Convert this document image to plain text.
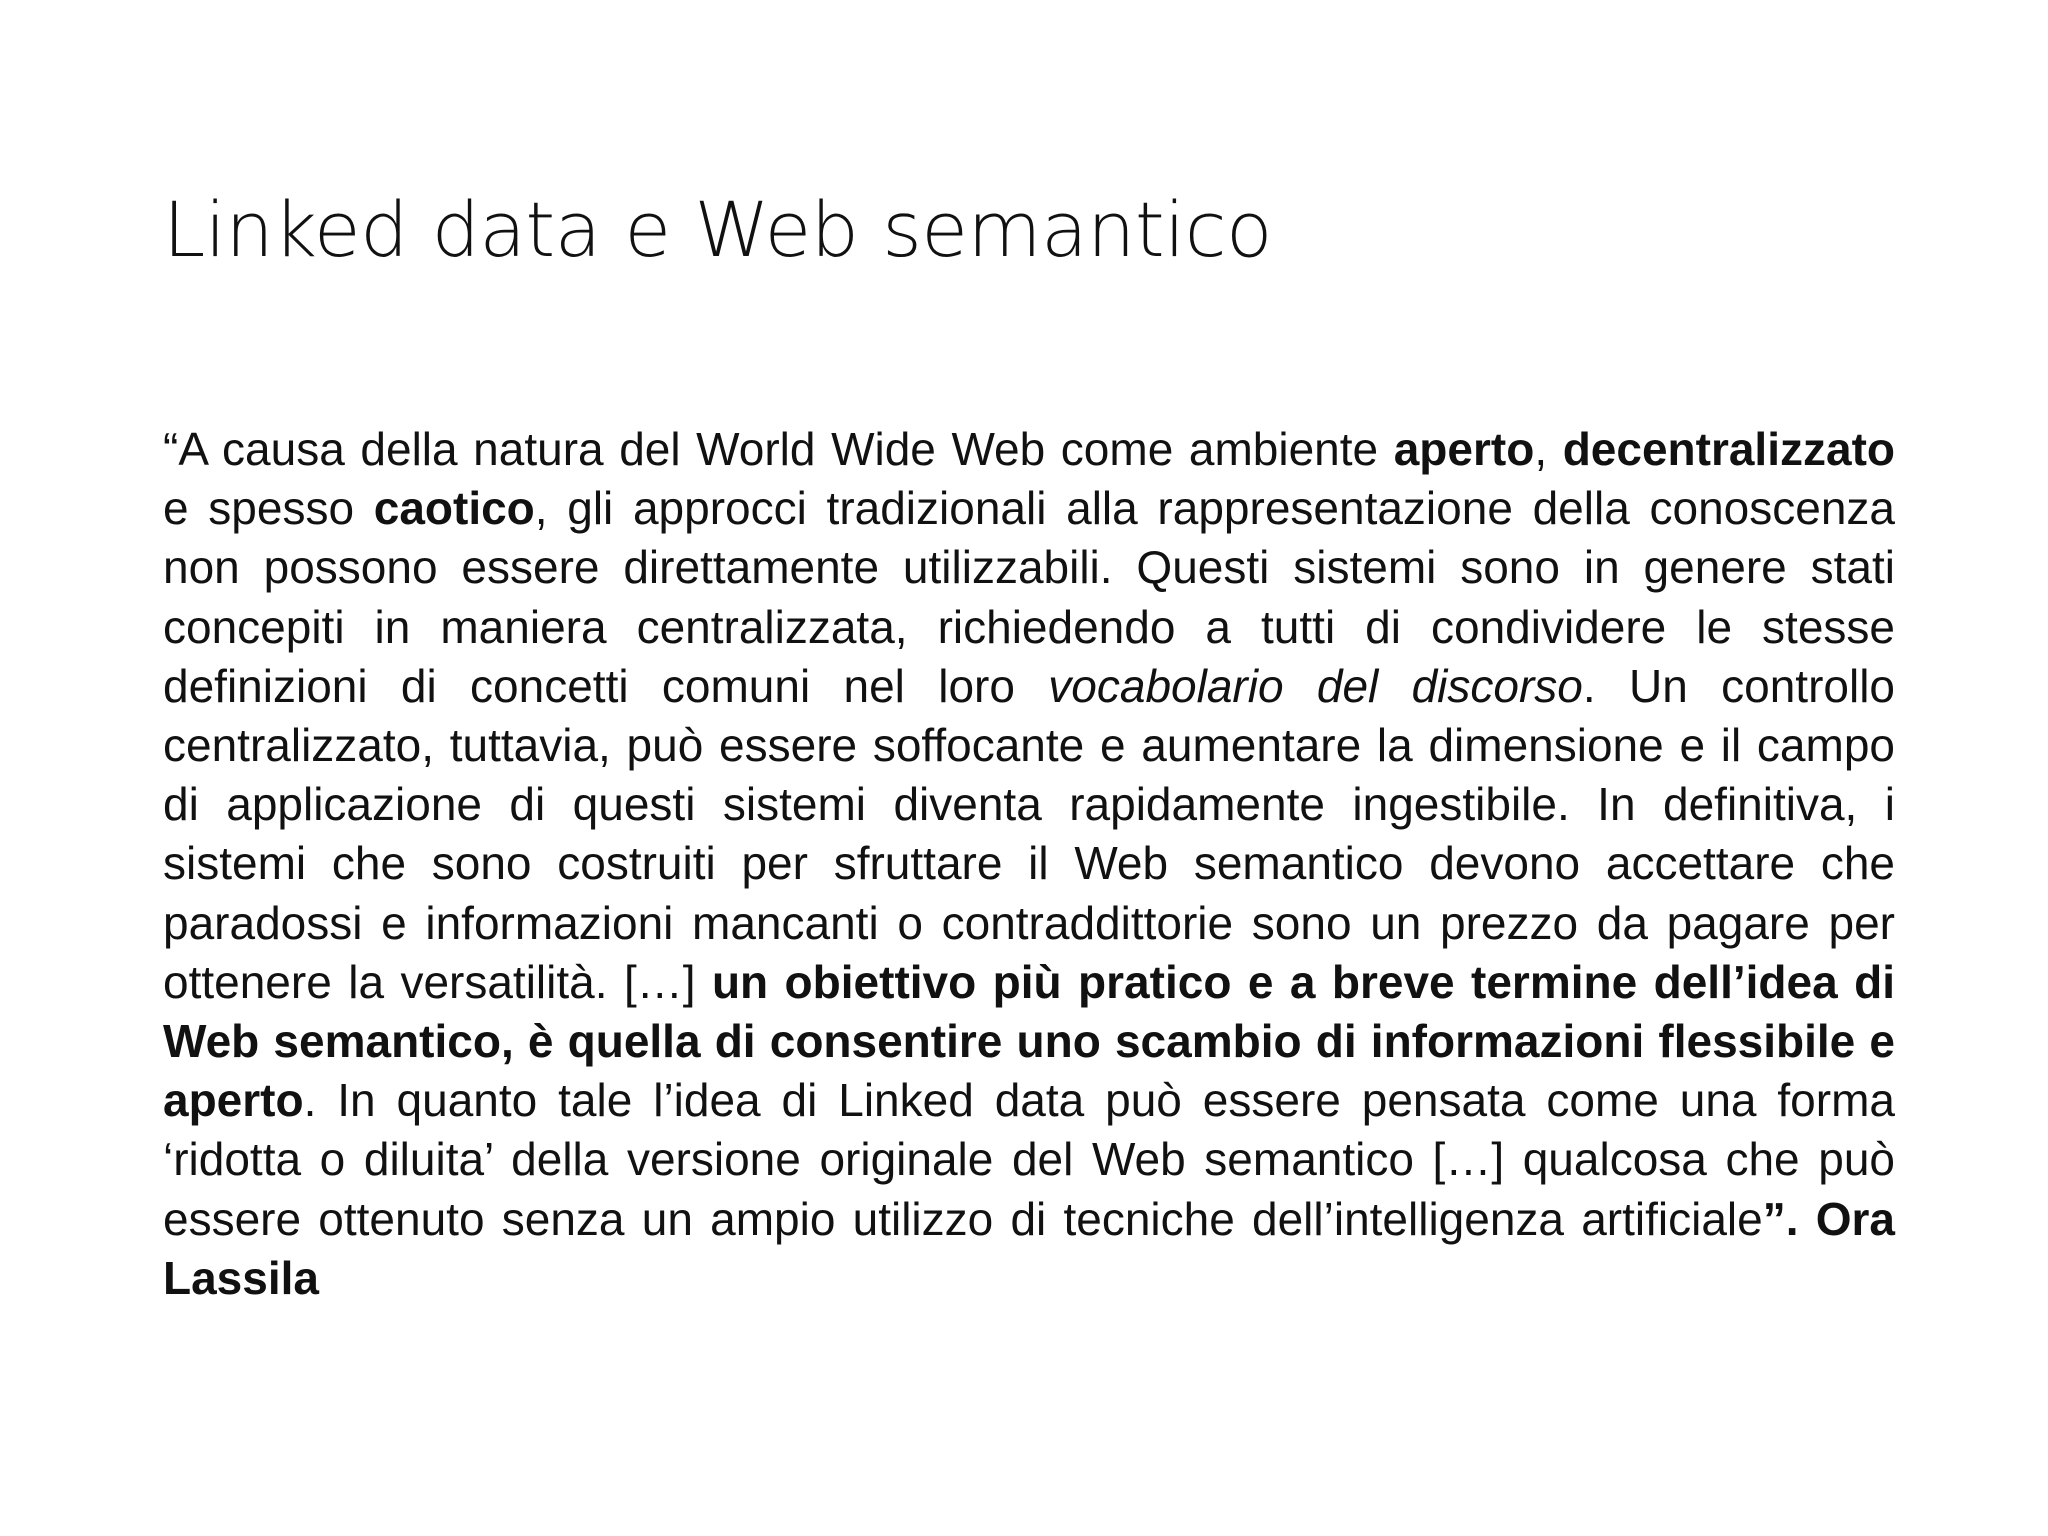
Linked data e Web semantico

“A causa della natura del World Wide Web come ambiente aperto, decentralizzato e spesso caotico, gli approcci tradizionali alla rappresentazione della conoscenza non possono essere direttamente utilizzabili. Questi sistemi sono in genere stati concepiti in maniera centralizzata, richiedendo a tutti di condividere le stesse definizioni di concetti comuni nel loro vocabolario del discorso. Un controllo centralizzato, tuttavia, può essere soffocante e aumentare la dimensione e il campo di applicazione di questi sistemi diventa rapidamente ingestibile. In definitiva, i sistemi che sono costruiti per sfruttare il Web semantico devono accettare che paradossi e informazioni mancanti o contraddittorie sono un prezzo da pagare per ottenere la versatilità. […] un obiettivo più pratico e a breve termine dell’idea di Web semantico, è quella di consentire uno scambio di informazioni flessibile e aperto. In quanto tale l’idea di Linked data può essere pensata come una forma ‘ridotta o diluita’ della versione originale del Web semantico […] qualcosa che può essere ottenuto senza un ampio utilizzo di tecniche dell’intelligenza artificiale”. Ora Lassila
